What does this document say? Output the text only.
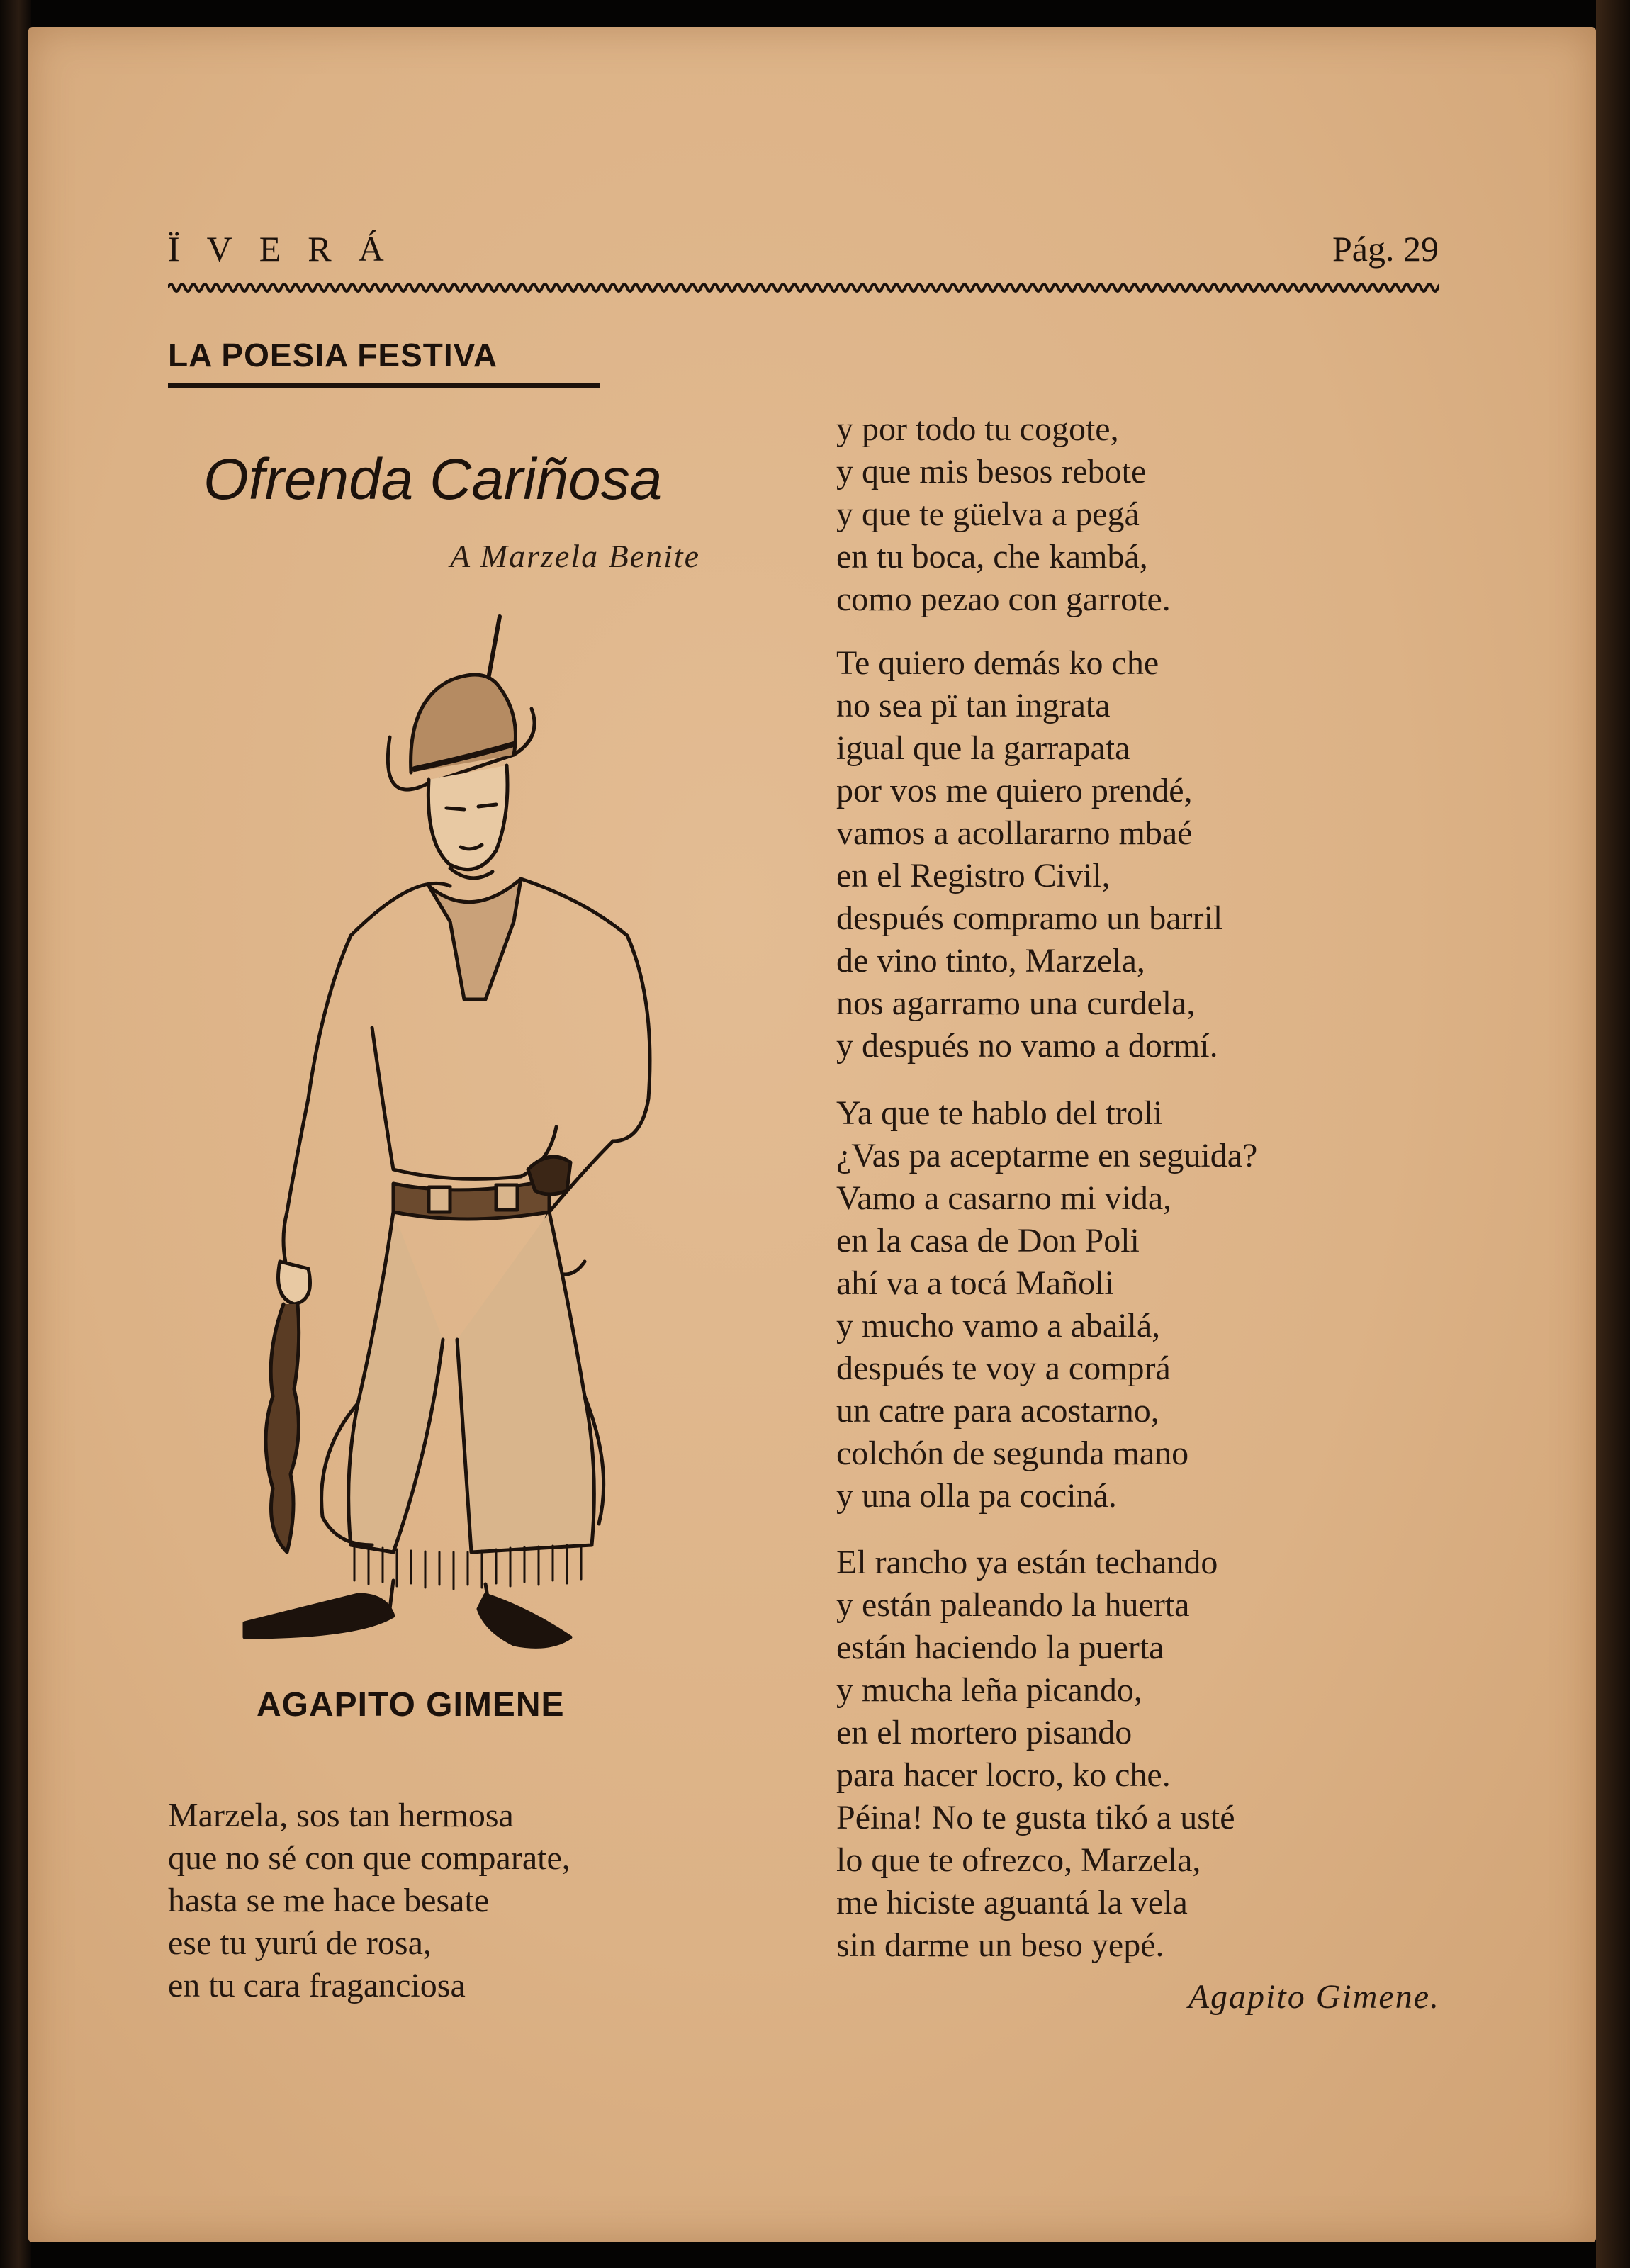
ÏVERÁ	Pág. 29
LA POESIA FESTIVA
Ofrenda Cariñosa
A Marzela Benite
AGAPITO GIMENE
Marzela, sos tan hermosa
que no sé con que comparate,
hasta se me hace besate
ese tu yurú de rosa,
en tu cara fraganciosa
y por todo tu cogote,
y que mis besos rebote
y que te güelva a pegá
en tu boca, che kambá,
como pezao con garrote.
Te quiero demás ko che
no sea pï tan ingrata
igual que la garrapata
por vos me quiero prendé,
vamos a acollararno mbaé
en el Registro Civil,
después compramo un barril
de vino tinto, Marzela,
nos agarramo una curdela,
y después no vamo a dormí.
Ya que te hablo del troli
¿Vas pa aceptarme en seguida?
Vamo a casarno mi vida,
en la casa de Don Poli
ahí va a tocá Mañoli
y mucho vamo a abailá,
después te voy a comprá
un catre para acostarno,
colchón de segunda mano
y una olla pa cociná.
El rancho ya están techando
y están paleando la huerta
están haciendo la puerta
y mucha leña picando,
en el mortero pisando
para hacer locro, ko che.
Péina! No te gusta tikó a usté
lo que te ofrezco, Marzela,
me hiciste aguantá la vela
sin darme un beso yepé.
Agapito Gimene.
